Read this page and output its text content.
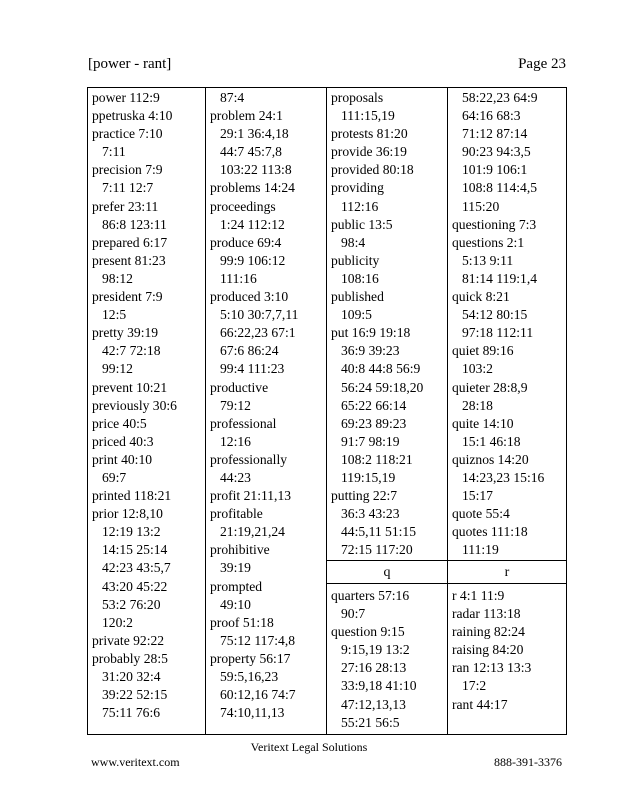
[power - rant]	Page 23
power 112:9
ppetruska 4:10
practice 7:10
7:11
precision 7:9
7:11 12:7
prefer 23:11
86:8 123:11
prepared 6:17
present 81:23
98:12
president 7:9
12:5
pretty 39:19
42:7 72:18
99:12
prevent 10:21
previously 30:6
price 40:5
priced 40:3
print 40:10
69:7
printed 118:21
prior 12:8,10
12:19 13:2
14:15 25:14
42:23 43:5,7
43:20 45:22
53:2 76:20
120:2
private 92:22
probably 28:5
31:20 32:4
39:22 52:15
75:11 76:6
87:4
problem 24:1
29:1 36:4,18
44:7 45:7,8
103:22 113:8
problems 14:24
proceedings
1:24 112:12
produce 69:4
99:9 106:12
111:16
produced 3:10
5:10 30:7,7,11
66:22,23 67:1
67:6 86:24
99:4 111:23
productive
79:12
professional
12:16
professionally
44:23
profit 21:11,13
profitable
21:19,21,24
prohibitive
39:19
prompted
49:10
proof 51:18
75:12 117:4,8
property 56:17
59:5,16,23
60:12,16 74:7
74:10,11,13
proposals
111:15,19
protests 81:20
provide 36:19
provided 80:18
providing
112:16
public 13:5
98:4
publicity
108:16
published
109:5
put 16:9 19:18
36:9 39:23
40:8 44:8 56:9
56:24 59:18,20
65:22 66:14
69:23 89:23
91:7 98:19
108:2 118:21
119:15,19
putting 22:7
36:3 43:23
44:5,11 51:15
72:15 117:20
q
quarters 57:16
90:7
question 9:15
9:15,19 13:2
27:16 28:13
33:9,18 41:10
47:12,13,13
55:21 56:5
58:22,23 64:9
64:16 68:3
71:12 87:14
90:23 94:3,5
101:9 106:1
108:8 114:4,5
115:20
questioning 7:3
questions 2:1
5:13 9:11
81:14 119:1,4
quick 8:21
54:12 80:15
97:18 112:11
quiet 89:16
103:2
quieter 28:8,9
28:18
quite 14:10
15:1 46:18
quiznos 14:20
14:23,23 15:16
15:17
quote 55:4
quotes 111:18
111:19
r
r 4:1 11:9
radar 113:18
raining 82:24
raising 84:20
ran 12:13 13:3
17:2
rant 44:17
Veritext Legal Solutions
www.veritext.com	888-391-3376
